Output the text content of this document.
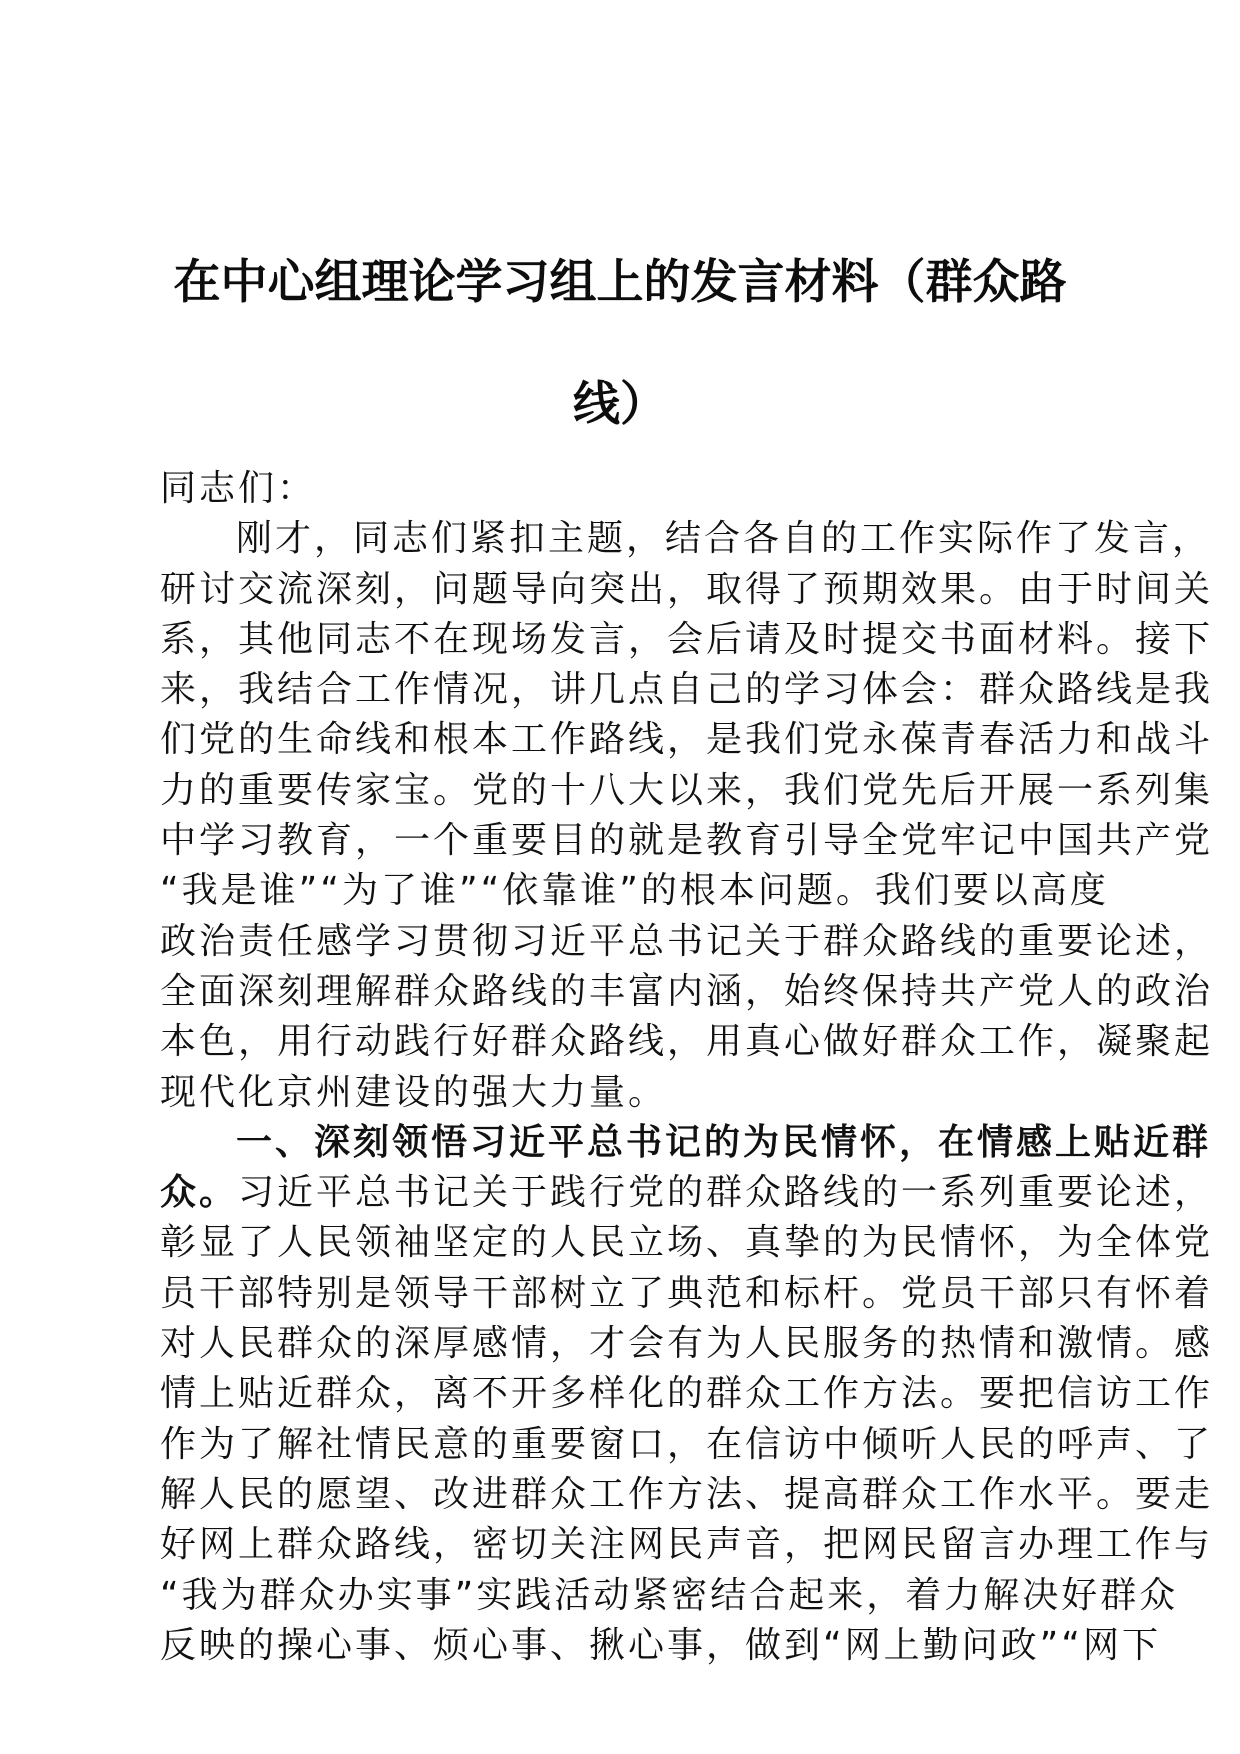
在中心组理论学习组上的发言材料（群众路
线）
同志们：
刚才，同志们紧扣主题，结合各自的工作实际作了发言，
研讨交流深刻，问题导向突出，取得了预期效果。由于时间关
系，其他同志不在现场发言，会后请及时提交书面材料。接下
来，我结合工作情况，讲几点自己的学习体会：群众路线是我
们党的生命线和根本工作路线，是我们党永葆青春活力和战斗
力的重要传家宝。党的十八大以来，我们党先后开展一系列集
中学习教育，一个重要目的就是教育引导全党牢记中国共产党
“我是谁”“为了谁”“依靠谁”的根本问题。我们要以高度
政治责任感学习贯彻习近平总书记关于群众路线的重要论述，
全面深刻理解群众路线的丰富内涵，始终保持共产党人的政治
本色，用行动践行好群众路线，用真心做好群众工作，凝聚起
现代化京州建设的强大力量。
一、深刻领悟习近平总书记的为民情怀，在情感上贴近群
众。习近平总书记关于践行党的群众路线的一系列重要论述，
彰显了人民领袖坚定的人民立场、真挚的为民情怀，为全体党
员干部特别是领导干部树立了典范和标杆。党员干部只有怀着
对人民群众的深厚感情，才会有为人民服务的热情和激情。感
情上贴近群众，离不开多样化的群众工作方法。要把信访工作
作为了解社情民意的重要窗口，在信访中倾听人民的呼声、了
解人民的愿望、改进群众工作方法、提高群众工作水平。要走
好网上群众路线，密切关注网民声音，把网民留言办理工作与
“我为群众办实事”实践活动紧密结合起来，着力解决好群众
反映的操心事、烦心事、揪心事，做到“网上勤问政”“网下
